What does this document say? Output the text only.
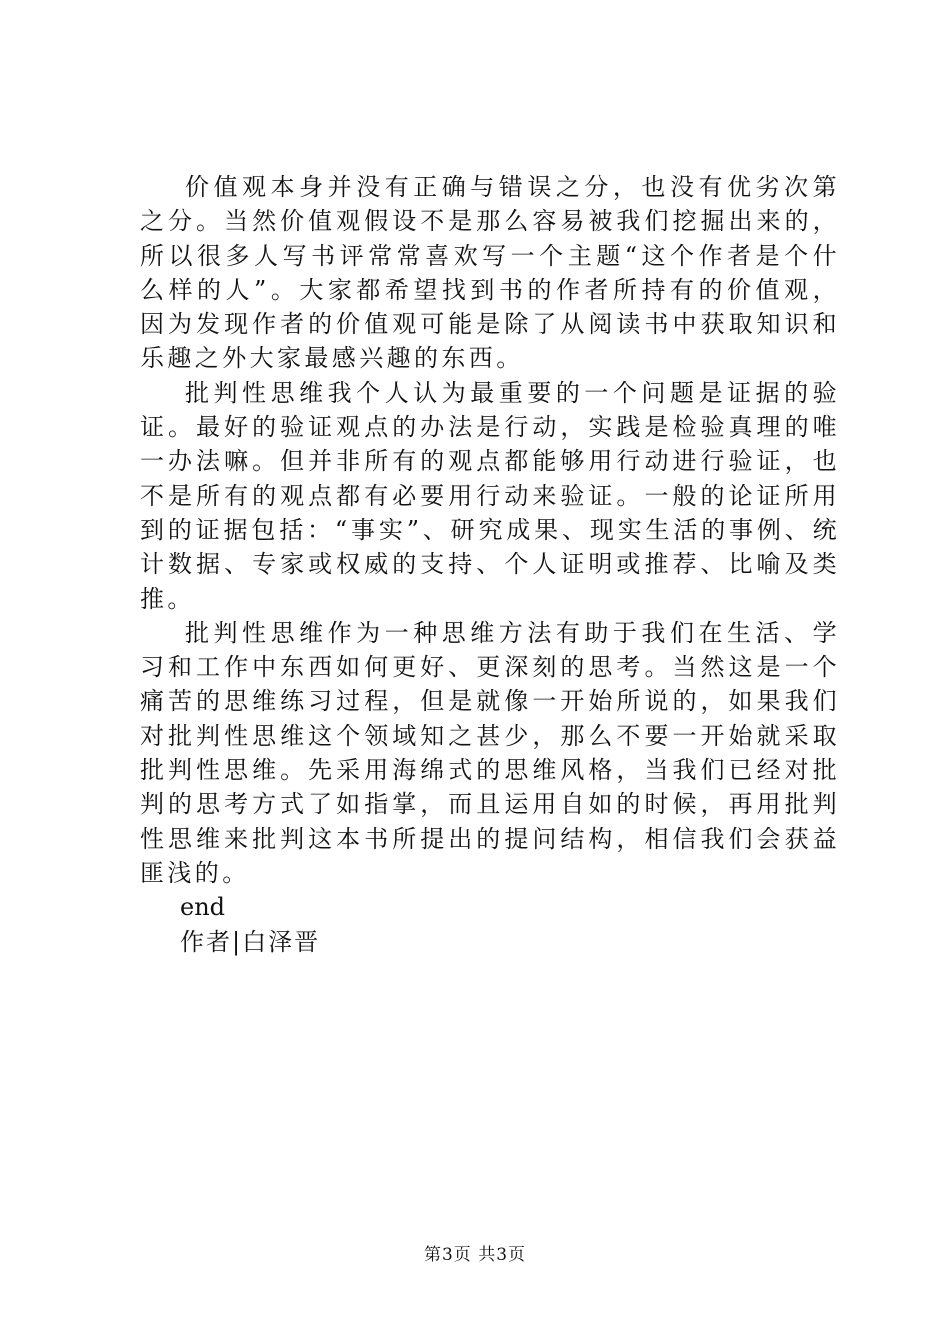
价值观本身并没有正确与错误之分，也没有优劣次第之分。当然价值观假设不是那么容易被我们挖掘出来的，所以很多人写书评常常喜欢写一个主题“这个作者是个什么样的人”。大家都希望找到书的作者所持有的价值观，因为发现作者的价值观可能是除了从阅读书中获取知识和乐趣之外大家最感兴趣的东西。

批判性思维我个人认为最重要的一个问题是证据的验证。最好的验证观点的办法是行动，实践是检验真理的唯一办法嘛。但并非所有的观点都能够用行动进行验证，也不是所有的观点都有必要用行动来验证。一般的论证所用到的证据包括：“事实”、研究成果、现实生活的事例、统计数据、专家或权威的支持、个人证明或推荐、比喻及类推。

批判性思维作为一种思维方法有助于我们在生活、学习和工作中东西如何更好、更深刻的思考。当然这是一个痛苦的思维练习过程，但是就像一开始所说的，如果我们对批判性思维这个领域知之甚少，那么不要一开始就采取批判性思维。先采用海绵式的思维风格，当我们已经对批判的思考方式了如指掌，而且运用自如的时候，再用批判性思维来批判这本书所提出的提问结构，相信我们会获益匪浅的。

end

作者|白泽晋

第3页 共3页
